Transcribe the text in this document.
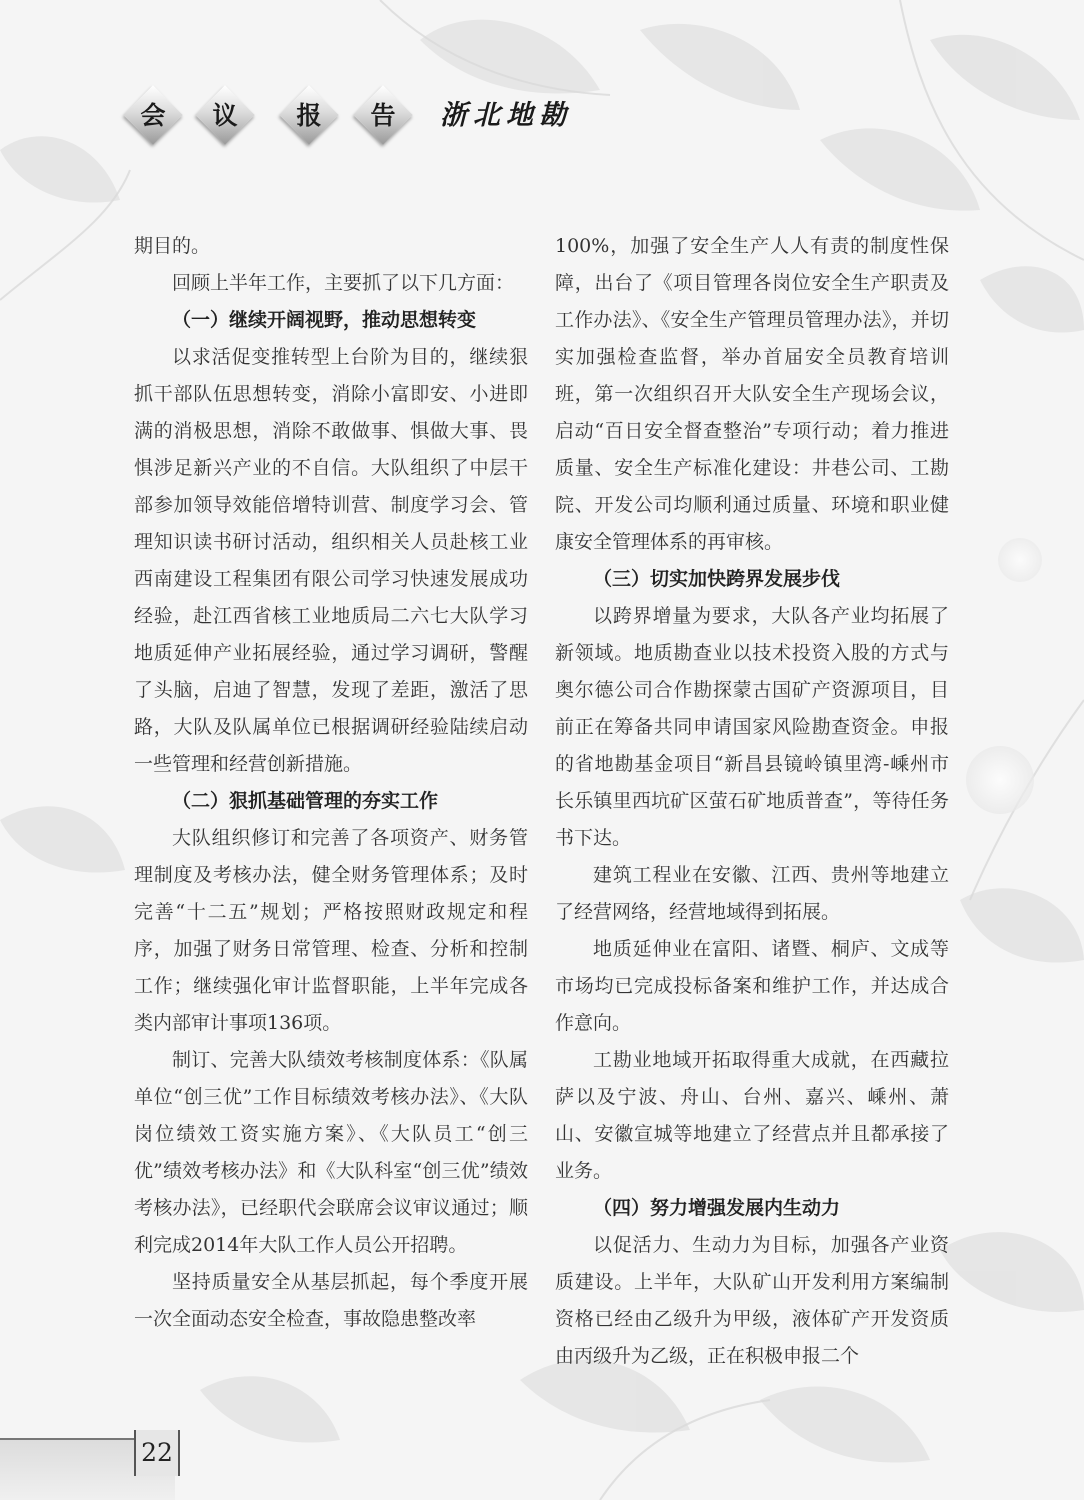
会	议	报	告	浙北地勘

期目的。

回顾上半年工作，主要抓了以下几方面：

（一）继续开阔视野，推动思想转变

以求活促变推转型上台阶为目的，继续狠抓干部队伍思想转变，消除小富即安、小进即满的消极思想，消除不敢做事、惧做大事、畏惧涉足新兴产业的不自信。大队组织了中层干部参加领导效能倍增特训营、制度学习会、管理知识读书研讨活动，组织相关人员赴核工业西南建设工程集团有限公司学习快速发展成功经验，赴江西省核工业地质局二六七大队学习地质延伸产业拓展经验，通过学习调研，警醒了头脑，启迪了智慧，发现了差距，激活了思路，大队及队属单位已根据调研经验陆续启动一些管理和经营创新措施。

（二）狠抓基础管理的夯实工作

大队组织修订和完善了各项资产、财务管理制度及考核办法，健全财务管理体系；及时完善“十二五”规划；严格按照财政规定和程序，加强了财务日常管理、检查、分析和控制工作；继续强化审计监督职能，上半年完成各类内部审计事项136项。

制订、完善大队绩效考核制度体系：《队属单位“创三优”工作目标绩效考核办法》、《大队岗位绩效工资实施方案》、《大队员工“创三优”绩效考核办法》和《大队科室“创三优”绩效考核办法》，已经职代会联席会议审议通过；顺利完成2014年大队工作人员公开招聘。

坚持质量安全从基层抓起，每个季度开展一次全面动态安全检查，事故隐患整改率

100%，加强了安全生产人人有责的制度性保障，出台了《项目管理各岗位安全生产职责及工作办法》、《安全生产管理员管理办法》，并切实加强检查监督，举办首届安全员教育培训班，第一次组织召开大队安全生产现场会议，启动“百日安全督查整治”专项行动；着力推进质量、安全生产标准化建设：井巷公司、工勘院、开发公司均顺利通过质量、环境和职业健康安全管理体系的再审核。

（三）切实加快跨界发展步伐

以跨界增量为要求，大队各产业均拓展了新领域。地质勘查业以技术投资入股的方式与奥尔德公司合作勘探蒙古国矿产资源项目，目前正在筹备共同申请国家风险勘查资金。申报的省地勘基金项目“新昌县镜岭镇里湾-嵊州市长乐镇里西坑矿区萤石矿地质普查”，等待任务书下达。

建筑工程业在安徽、江西、贵州等地建立了经营网络，经营地域得到拓展。

地质延伸业在富阳、诸暨、桐庐、文成等市场均已完成投标备案和维护工作，并达成合作意向。

工勘业地域开拓取得重大成就，在西藏拉萨以及宁波、舟山、台州、嘉兴、嵊州、萧山、安徽宣城等地建立了经营点并且都承接了业务。

（四）努力增强发展内生动力

以促活力、生动力为目标，加强各产业资质建设。上半年，大队矿山开发利用方案编制资格已经由乙级升为甲级，液体矿产开发资质由丙级升为乙级，正在积极申报二个

22
